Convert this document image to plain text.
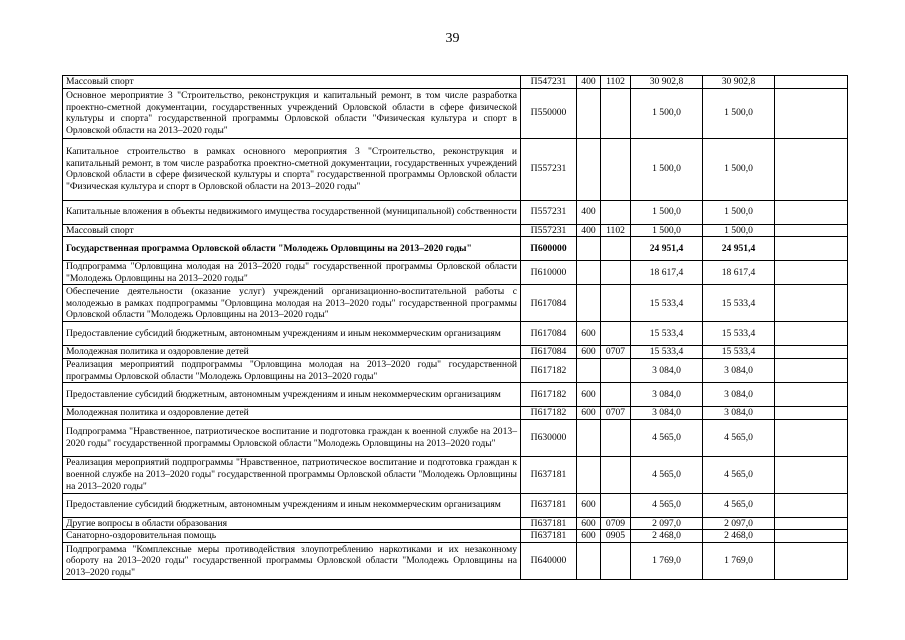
39
Массовый спорт	П547231	400	1102	30 902,8	30 902,8	
Основное мероприятие 3 "Строительство, реконструкция и капитальный ремонт, в том числе разработка проектно-сметной документации, государственных учреждений Орловской области в сфере физической культуры и спорта" государственной программы Орловской области "Физическая культура и спорт в Орловской области на 2013–2020 годы"	П550000			1 500,0	1 500,0	
Капитальное строительство в рамках основного мероприятия 3 "Строительство, реконструкция и капитальный ремонт, в том числе разработка проектно-сметной документации, государственных учреждений Орловской области в сфере физической культуры и спорта" государственной программы Орловской области "Физическая культура и спорт в Орловской области на 2013–2020 годы"	П557231			1 500,0	1 500,0	
Капитальные вложения в объекты недвижимого имущества государственной (муниципальной) собственности	П557231	400		1 500,0	1 500,0	
Массовый спорт	П557231	400	1102	1 500,0	1 500,0	
Государственная программа Орловской области "Молодежь Орловщины на 2013–2020 годы"	П600000			24 951,4	24 951,4	
Подпрограмма "Орловщина молодая на 2013–2020 годы" государственной программы Орловской области "Молодежь Орловщины на 2013–2020 годы"	П610000			18 617,4	18 617,4	
Обеспечение деятельности (оказание услуг) учреждений организационно-воспитательной работы с молодежью в рамках подпрограммы "Орловщина молодая на 2013–2020 годы" государственной программы Орловской области "Молодежь Орловщины на 2013–2020 годы"	П617084			15 533,4	15 533,4	
Предоставление субсидий бюджетным, автономным учреждениям и иным некоммерческим организациям	П617084	600		15 533,4	15 533,4	
Молодежная политика и оздоровление детей	П617084	600	0707	15 533,4	15 533,4	
Реализация мероприятий подпрограммы "Орловщина молодая на 2013–2020 годы" государственной программы Орловской области "Молодежь Орловщины на 2013–2020 годы"	П617182			3 084,0	3 084,0	
Предоставление субсидий бюджетным, автономным учреждениям и иным некоммерческим организациям	П617182	600		3 084,0	3 084,0	
Молодежная политика и оздоровление детей	П617182	600	0707	3 084,0	3 084,0	
Подпрограмма "Нравственное, патриотическое воспитание и подготовка граждан к военной службе на 2013–2020 годы" государственной программы Орловской области "Молодежь Орловщины на 2013–2020 годы"	П630000			4 565,0	4 565,0	
Реализация мероприятий подпрограммы "Нравственное, патриотическое воспитание и подготовка граждан к военной службе на 2013–2020 годы" государственной программы Орловской области "Молодежь Орловщины на 2013–2020 годы"	П637181			4 565,0	4 565,0	
Предоставление субсидий бюджетным, автономным учреждениям и иным некоммерческим организациям	П637181	600		4 565,0	4 565,0	
Другие вопросы в области образования	П637181	600	0709	2 097,0	2 097,0	
Санаторно-оздоровительная помощь	П637181	600	0905	2 468,0	2 468,0	
Подпрограмма "Комплексные меры противодействия злоупотреблению наркотиками и их незаконному обороту на 2013–2020 годы" государственной программы Орловской области "Молодежь Орловщины на 2013–2020 годы"	П640000			1 769,0	1 769,0	
